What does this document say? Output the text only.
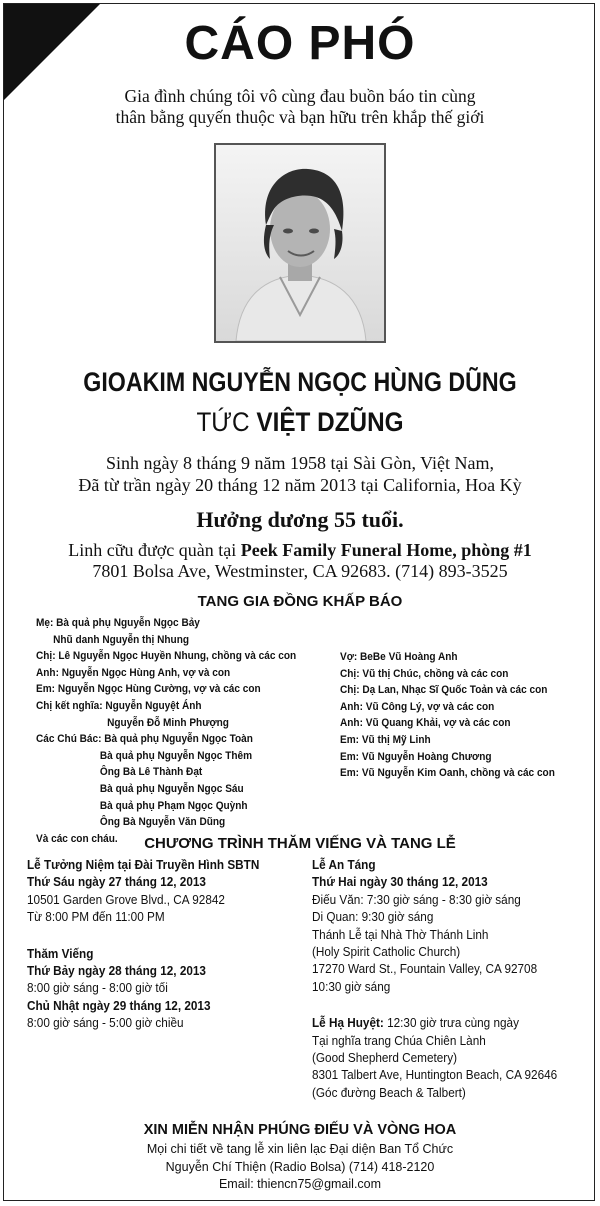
CÁO PHÓ
Gia đình chúng tôi vô cùng đau buồn báo tin cùng
thân bằng quyến thuộc và bạn hữu trên khắp thế giới
GIOAKIM NGUYỄN NGỌC HÙNG DŨNG
TỨC VIỆT DZŨNG
Sinh ngày 8 tháng 9 năm 1958 tại Sài Gòn, Việt Nam,
Đã từ trần ngày 20 tháng 12 năm 2013 tại California, Hoa Kỳ
Hưởng dương 55 tuổi.
Linh cữu được quàn tại Peek Family Funeral Home, phòng #1
7801 Bolsa Ave, Westminster, CA 92683. (714) 893-3525
TANG GIA ĐỒNG KHẤP BÁO
Mẹ: Bà quả phụ Nguyễn Ngọc Bảy
Nhũ danh Nguyễn thị Nhung
Chị: Lê Nguyễn Ngọc Huyền Nhung, chồng và các con
Anh: Nguyễn Ngọc Hùng Anh, vợ và con
Em: Nguyễn Ngọc Hùng Cường, vợ và các con
Chị kết nghĩa: Nguyễn Nguyệt Ánh
Nguyễn Đỗ Minh Phượng
Các Chú Bác: Bà quả phụ Nguyễn Ngọc Toàn
Bà quả phụ Nguyễn Ngọc Thêm
Ông Bà Lê Thành Đạt
Bà quả phụ Nguyễn Ngọc Sáu
Bà quả phụ Phạm Ngọc Quỳnh
Ông Bà Nguyễn Văn Dũng
Và các con cháu.
Vợ: BeBe Vũ Hoàng Anh
Chị: Vũ thị Chúc, chồng và các con
Chị: Dạ Lan, Nhạc Sĩ Quốc Toản và các con
Anh: Vũ Công Lý, vợ và các con
Anh: Vũ Quang Khải, vợ và các con
Em: Vũ thị Mỹ Linh
Em: Vũ Nguyễn Hoàng Chương
Em: Vũ Nguyễn Kim Oanh, chồng và các con
CHƯƠNG TRÌNH THĂM VIẾNG VÀ TANG LỄ
Lễ Tưởng Niệm tại Đài Truyền Hình SBTN
Thứ Sáu ngày 27 tháng 12, 2013
10501 Garden Grove Blvd., CA 92842
Từ 8:00 PM đến 11:00 PM
Thăm Viếng
Thứ Bảy ngày 28 tháng 12, 2013
8:00 giờ sáng - 8:00 giờ tối
Chủ Nhật ngày 29 tháng 12, 2013
8:00 giờ sáng - 5:00 giờ chiều
Lễ An Táng
Thứ Hai ngày 30 tháng 12, 2013
Điếu Văn: 7:30 giờ sáng - 8:30 giờ sáng
Di Quan: 9:30 giờ sáng
Thánh Lễ tại Nhà Thờ Thánh Linh
(Holy Spirit Catholic Church)
17270 Ward St., Fountain Valley, CA 92708
10:30 giờ sáng
Lễ Hạ Huyệt: 12:30 giờ trưa cùng ngày
Tại nghĩa trang Chúa Chiên Lành
(Good Shepherd Cemetery)
8301 Talbert Ave, Huntington Beach, CA 92646
(Góc đường Beach & Talbert)
XIN MIỄN NHẬN PHÚNG ĐIẾU VÀ VÒNG HOA
Mọi chi tiết về tang lễ xin liên lạc Đại diện Ban Tổ Chức
Nguyễn Chí Thiện (Radio Bolsa) (714) 418-2120
Email: thiencn75@gmail.com
